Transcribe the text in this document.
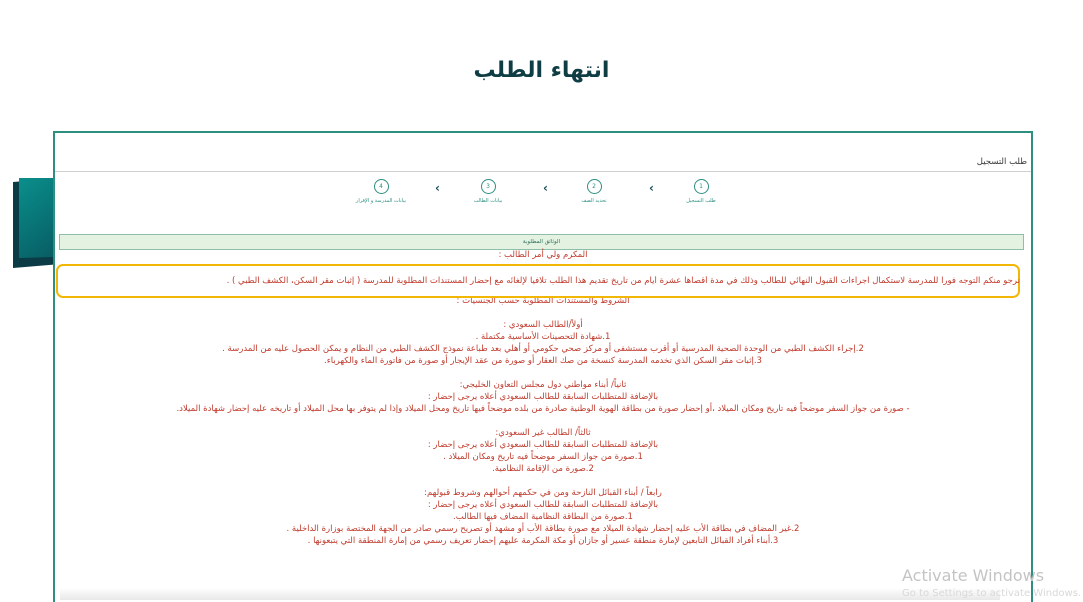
انتهاء الطلب
طلب التسجيل
1
طلب التسجيل
‹
2
تحديد الصف
‹
3
بيانات الطالب
‹
4
بيانات المدرسة و الإقرار
الوثائق المطلوبة
المكرم ولي أمر الطالب :
الشروط والمستندات المطلوبة حسب الجنسيات :
أولاً/الطالب السعودي :
1.شهادة التحصينات الأساسية مكتملة .
2.إجراء الكشف الطبي من الوحدة الصحية المدرسية أو أقرب مستشفى أو مركز صحي حكومي أو أهلي بعد طباعة نموذج الكشف الطبي من النظام و يمكن الحصول عليه من المدرسة .
3.إثبات مقر السكن الذي تخدمه المدرسة كنسخة من صك العقار أو صورة من عقد الإيجار أو صورة من فاتورة الماء والكهرباء.
ثانياً/ أبناء مواطني دول مجلس التعاون الخليجي:
بالإضافة للمتطلبات السابقة للطالب السعودي أعلاه يرجى إحضار :
- صورة من جواز السفر موضحاً فيه تاريخ ومكان الميلاد ،أو إحضار صورة من بطاقة الهوية الوطنية صادرة من بلده موضحاً فيها تاريخ ومحل الميلاد وإذا لم يتوفر بها محل الميلاد أو تاريخه عليه إحضار شهادة الميلاد.
ثالثاً/ الطالب غير السعودي:
بالإضافة للمتطلبات السابقة للطالب السعودي أعلاه يرجى إحضار :
1.صورة من جواز السفر موضحاً فيه تاريخ ومكان الميلاد .
2.صورة من الإقامة النظامية.
رابعاً / أبناء القبائل النازحة ومن في حكمهم أحوالهم وشروط قبولهم:
بالإضافة للمتطلبات السابقة للطالب السعودي أعلاه يرجى إحضار :
1.صورة من البطاقة النظامية المضاف فيها الطالب.
2.غير المضاف في بطاقة الأب عليه إحضار شهادة الميلاد مع صورة بطاقة الأب أو مشهد أو تصريح رسمي صادر من الجهة المختصة بوزارة الداخلية .
3.أبناء أفراد القبائل التابعين لإمارة منطقة عسير أو جازان أو مكة المكرمة عليهم إحضار تعريف رسمي من إمارة المنطقة التي يتبعونها .
نرجو منكم التوجه فورا للمدرسة لاستكمال اجراءات القبول النهائي للطالب وذلك في مدة أقصاها عشرة أيام من تاريخ تقديم هذا الطلب تلافيا لإلغائه مع إحضار المستندات المطلوبة للمدرسة ( إثبات مقر السكن، الكشف الطبي ) .
Activate Windows
Go to Settings to activate Windows.
